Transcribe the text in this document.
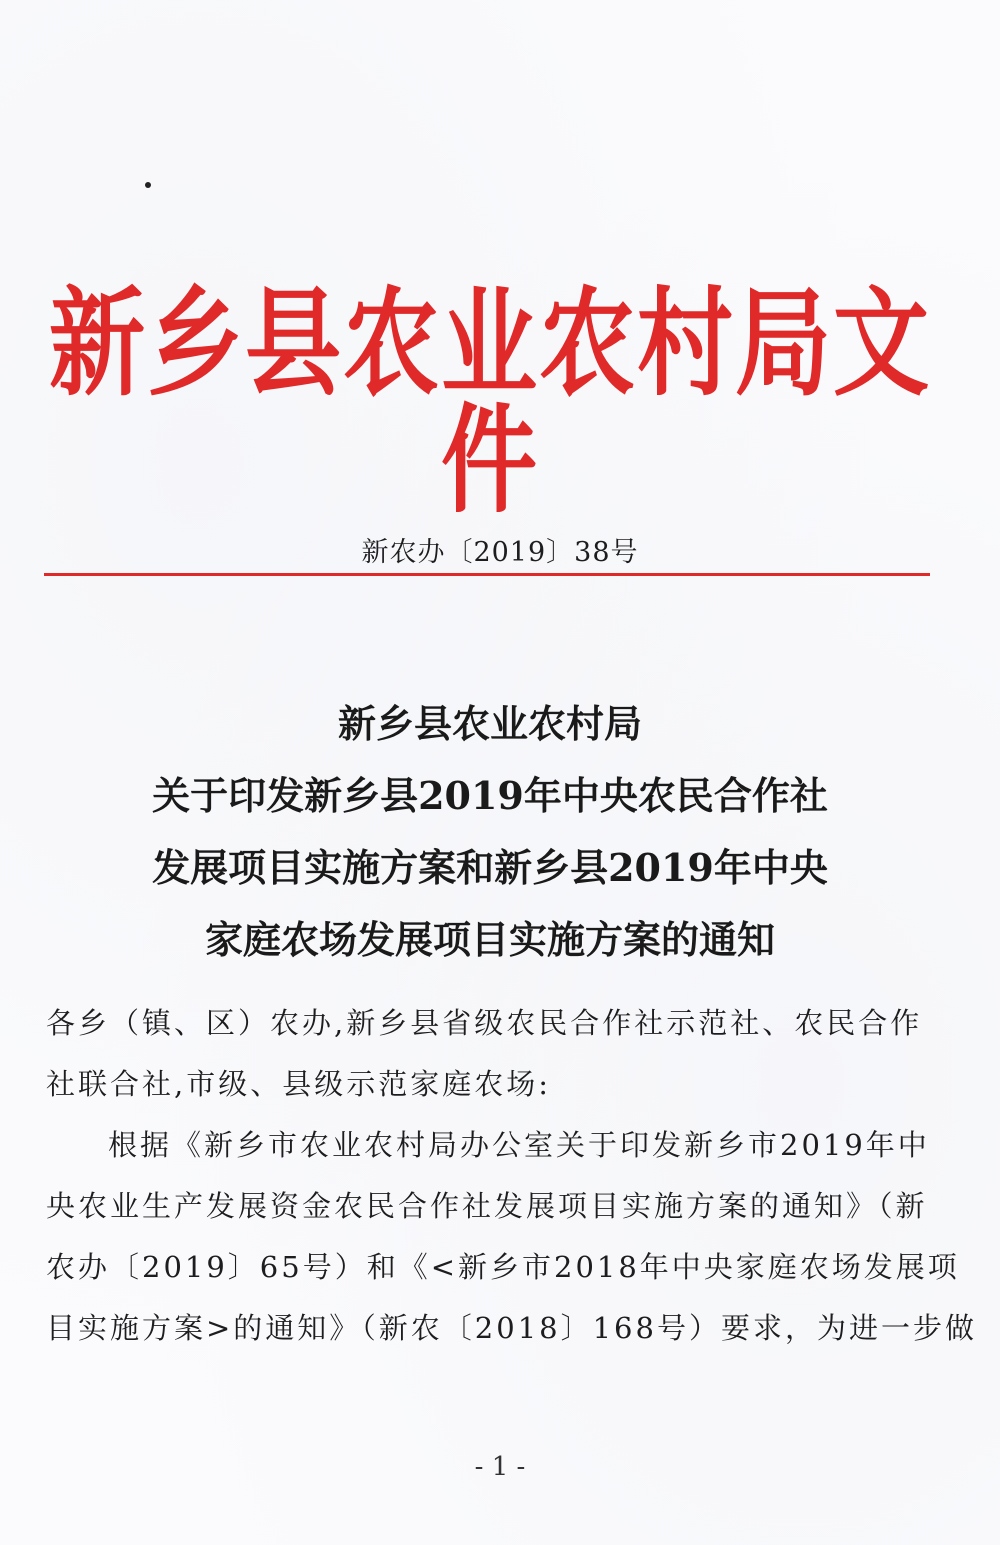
新乡县农业农村局文件
新农办〔2019〕38号
新乡县农业农村局
关于印发新乡县2019年中央农民合作社
发展项目实施方案和新乡县2019年中央
家庭农场发展项目实施方案的通知
各乡（镇、区）农办,新乡县省级农民合作社示范社、农民合作
社联合社,市级、县级示范家庭农场:
根据《新乡市农业农村局办公室关于印发新乡市2019年中
央农业生产发展资金农民合作社发展项目实施方案的通知》（新
农办〔2019〕65号）和《<新乡市2018年中央家庭农场发展项
目实施方案>的通知》（新农〔2018〕168号）要求，为进一步做
- 1 -
